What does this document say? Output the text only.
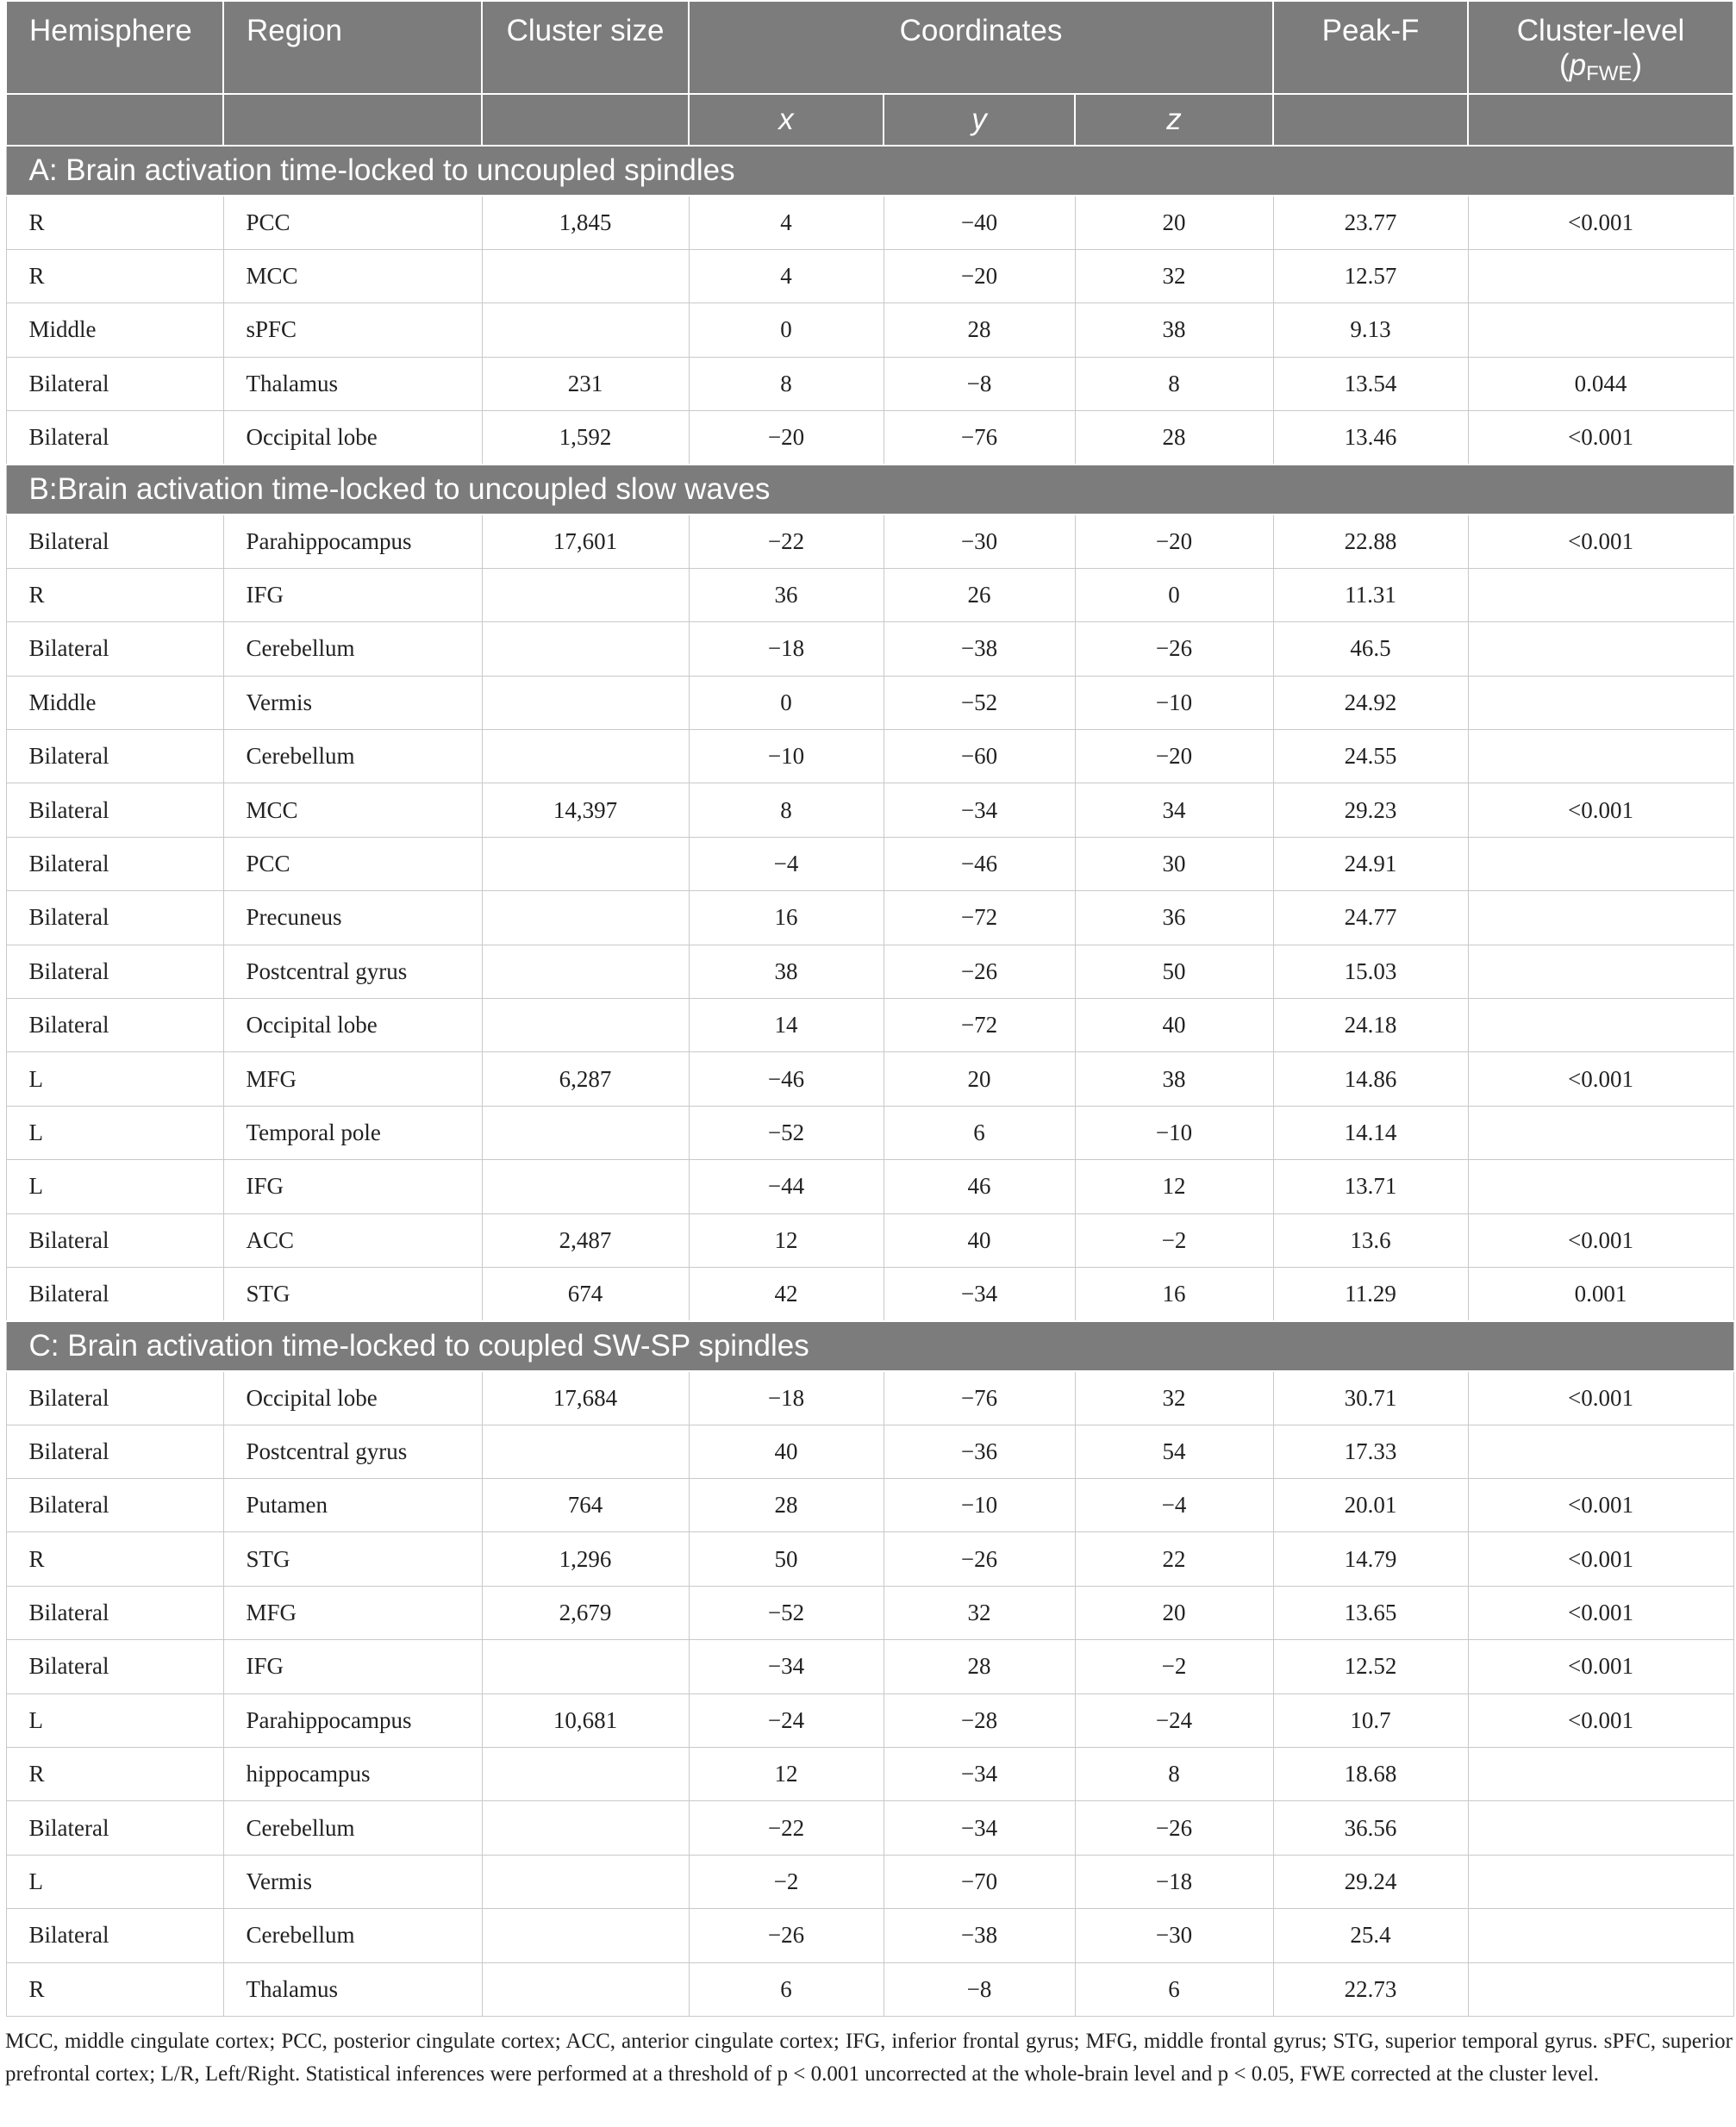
Hemisphere	Region	Cluster size	Coordinates			Peak-F	Cluster-level
$(p_{FWE})$
			x	y	z		
A: Brain activation time-locked to uncoupled spindles							
R	PCC	1,845	4	−40	20	23.77	<0.001
R	MCC		4	−20	32	12.57	
Middle	sPFC		0	28	38	9.13	
Bilateral	Thalamus	231	8	−8	8	13.54	0.044
Bilateral	Occipital lobe	1,592	−20	−76	28	13.46	<0.001
B:Brain activation time-locked to uncoupled slow waves							
Bilateral	Parahippocampus	17,601	−22	−30	−20	22.88	<0.001
R	IFG		36	26	0	11.31	
Bilateral	Cerebellum		−18	−38	−26	46.5	
Middle	Vermis		0	−52	−10	24.92	
Bilateral	Cerebellum		−10	−60	−20	24.55	
Bilateral	MCC	14,397	8	−34	34	29.23	<0.001
Bilateral	PCC		−4	−46	30	24.91	
Bilateral	Precuneus		16	−72	36	24.77	
Bilateral	Postcentral gyrus		38	−26	50	15.03	
Bilateral	Occipital lobe		14	−72	40	24.18	
L	MFG	6,287	−46	20	38	14.86	<0.001
L	Temporal pole		−52	6	−10	14.14	
L	IFG		−44	46	12	13.71	
Bilateral	ACC	2,487	12	40	−2	13.6	<0.001
Bilateral	STG	674	42	−34	16	11.29	0.001
C: Brain activation time-locked to coupled SW-SP spindles							
Bilateral	Occipital lobe	17,684	−18	−76	32	30.71	<0.001
Bilateral	Postcentral gyrus		40	−36	54	17.33	
Bilateral	Putamen	764	28	−10	−4	20.01	<0.001
R	STG	1,296	50	−26	22	14.79	<0.001
Bilateral	MFG	2,679	−52	32	20	13.65	<0.001
Bilateral	IFG		−34	28	−2	12.52	<0.001
L	Parahippocampus	10,681	−24	−28	−24	10.7	<0.001
R	hippocampus		12	−34	8	18.68	
Bilateral	Cerebellum		−22	−34	−26	36.56	
L	Vermis		−2	−70	−18	29.24	
Bilateral	Cerebellum		−26	−38	−30	25.4	
R	Thalamus		6	−8	6	22.73	
MCC, middle cingulate cortex; PCC, posterior cingulate cortex; ACC, anterior cingulate cortex; IFG, inferior frontal gyrus; MFG, middle frontal gyrus; STG, superior temporal gyrus. sPFC, superior prefrontal cortex; L/R, Left/Right. Statistical inferences were performed at a threshold of p < 0.001 uncorrected at the whole-brain level and p < 0.05, FWE corrected at the cluster level.
